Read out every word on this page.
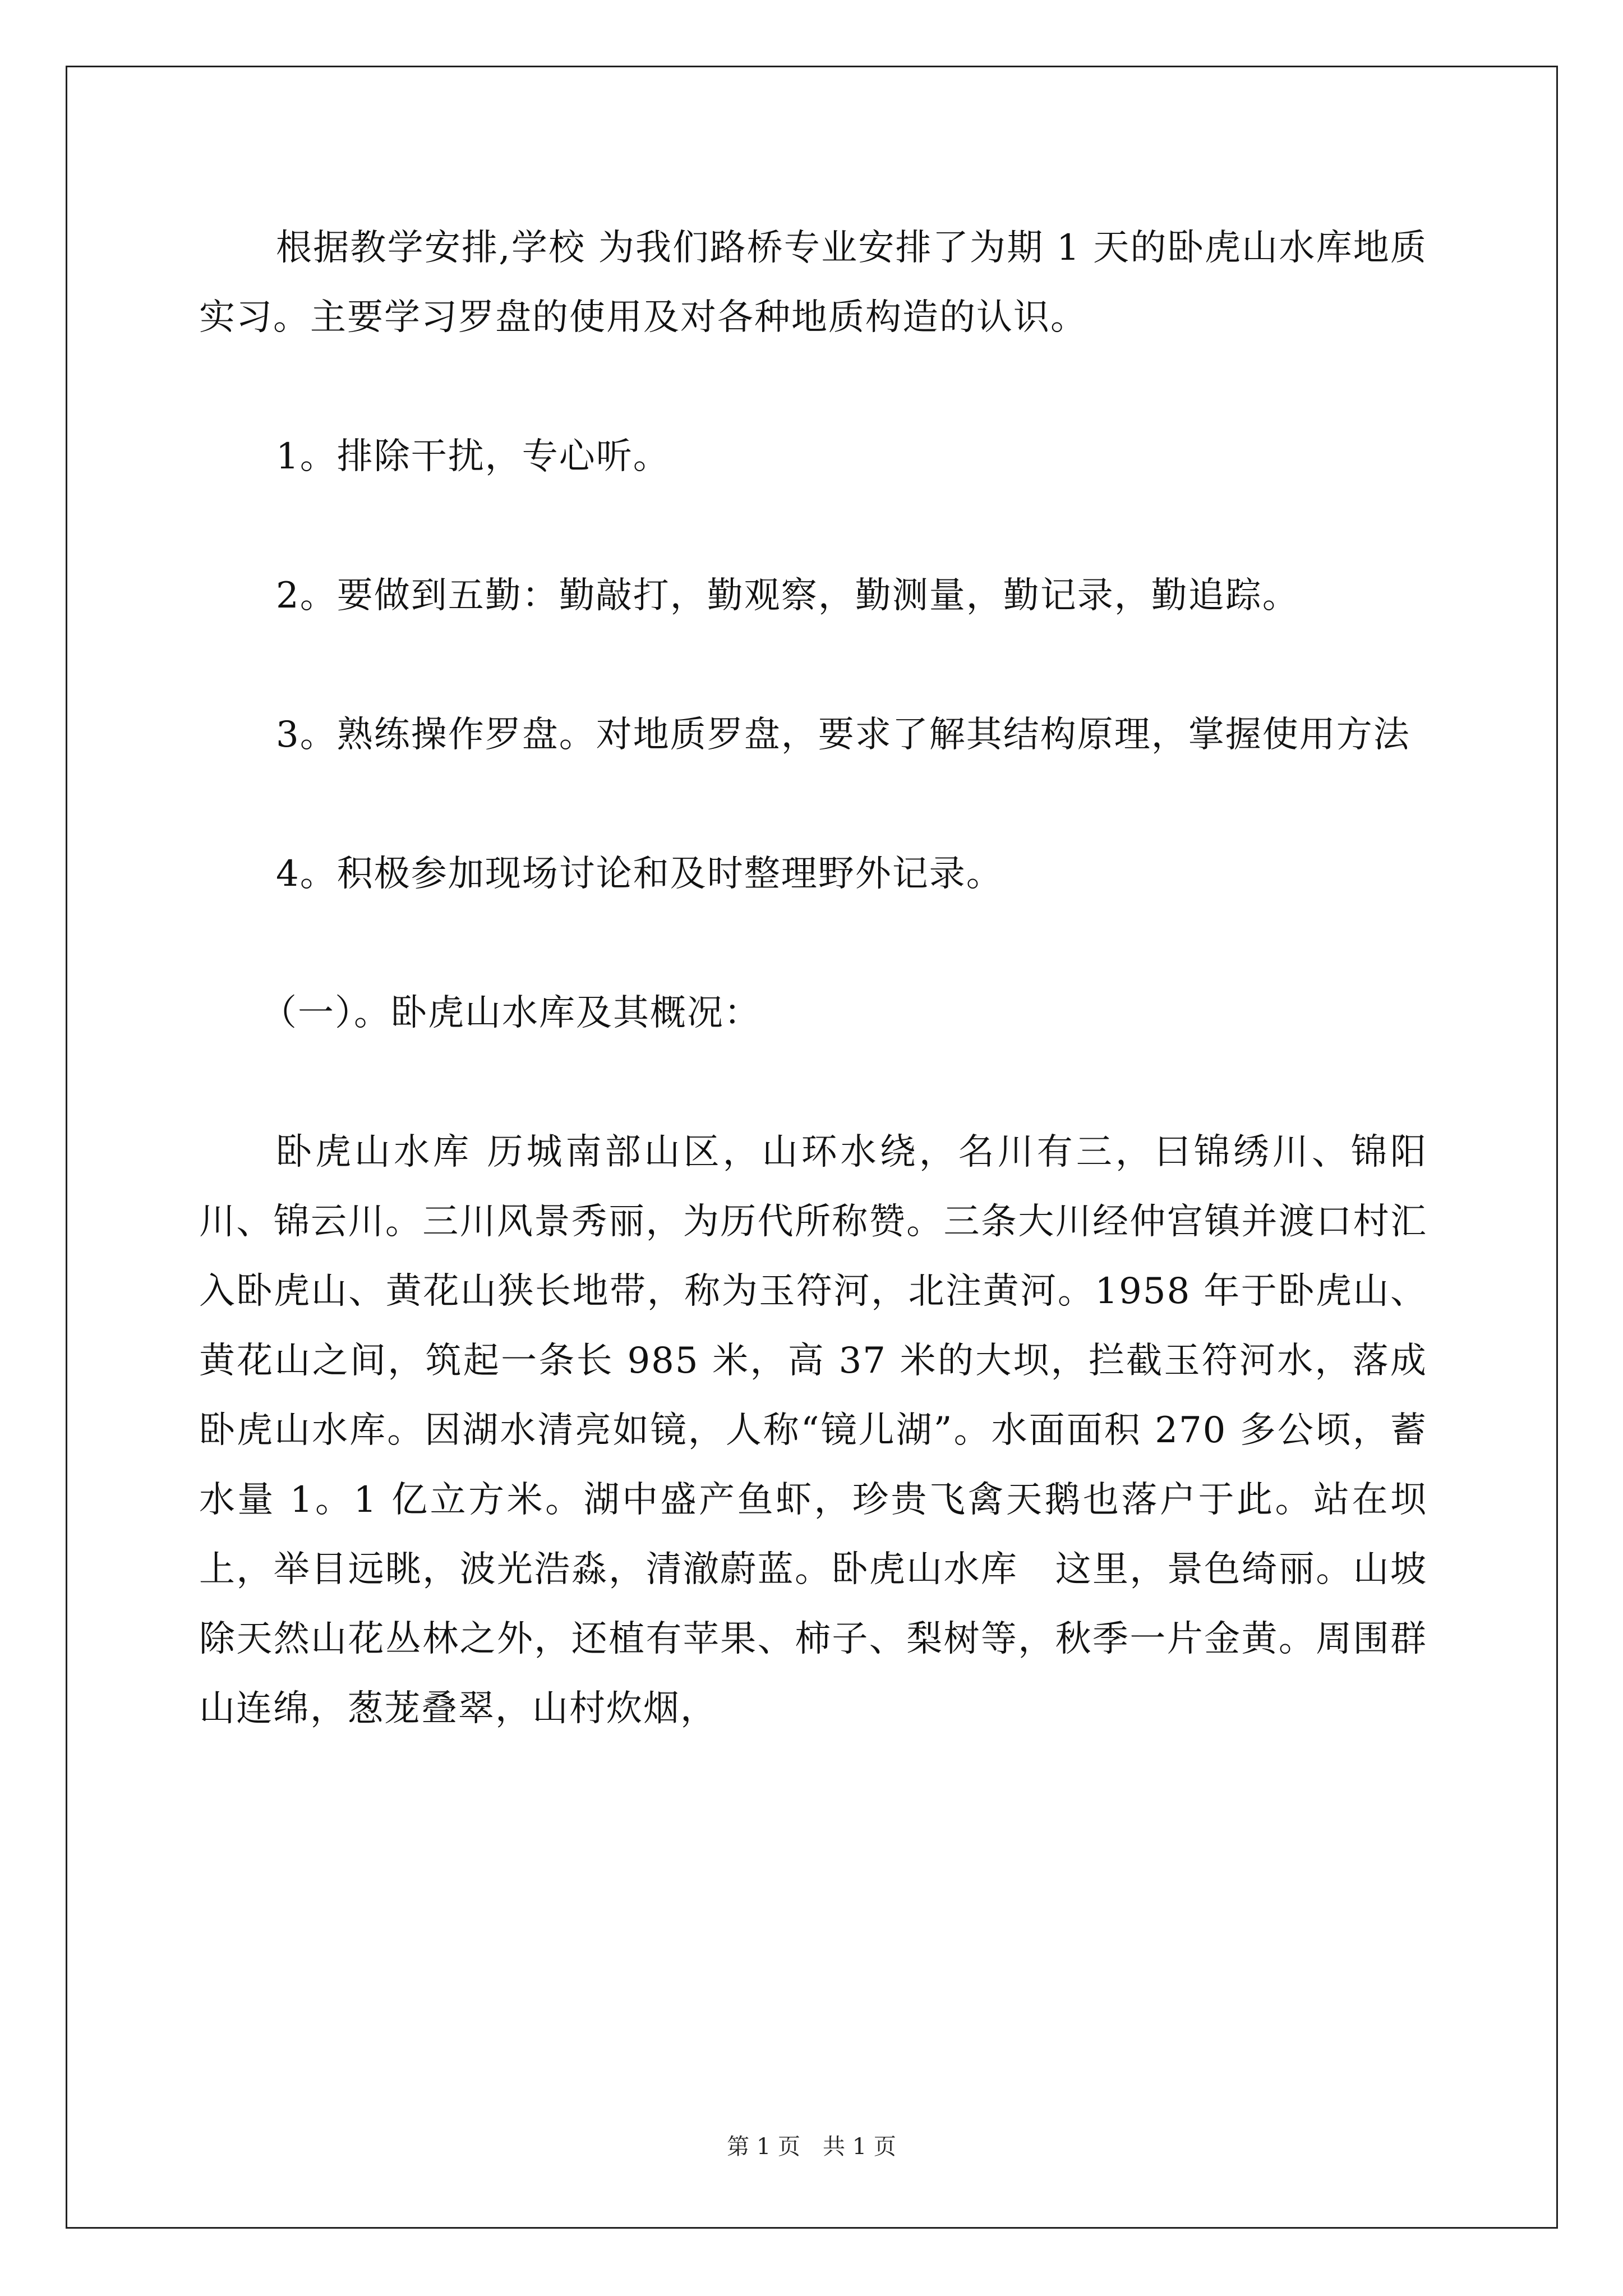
根据教学安排,学校 为我们路桥专业安排了为期 1 天的卧虎山水库地质实习。主要学习罗盘的使用及对各种地质构造的认识。

1。排除干扰，专心听。

2。要做到五勤：勤敲打，勤观察，勤测量，勤记录，勤追踪。

3。熟练操作罗盘。对地质罗盘，要求了解其结构原理，掌握使用方法

4。积极参加现场讨论和及时整理野外记录。

（一）。卧虎山水库及其概况：

卧虎山水库 历城南部山区，山环水绕，名川有三，曰锦绣川、锦阳川、锦云川。三川风景秀丽，为历代所称赞。三条大川经仲宫镇并渡口村汇入卧虎山、黄花山狭长地带，称为玉符河，北注黄河。1958 年于卧虎山、黄花山之间，筑起一条长 985 米，高 37 米的大坝，拦截玉符河水，落成卧虎山水库。因湖水清亮如镜，人称“镜儿湖”。水面面积 270 多公顷，蓄水量 1。1 亿立方米。湖中盛产鱼虾，珍贵飞禽天鹅也落户于此。站在坝上，举目远眺，波光浩淼，清澈蔚蓝。卧虎山水库　这里，景色绮丽。山坡除天然山花丛林之外，还植有苹果、柿子、梨树等，秋季一片金黄。周围群山连绵，葱茏叠翠，山村炊烟，

第 1 页　共 1 页
